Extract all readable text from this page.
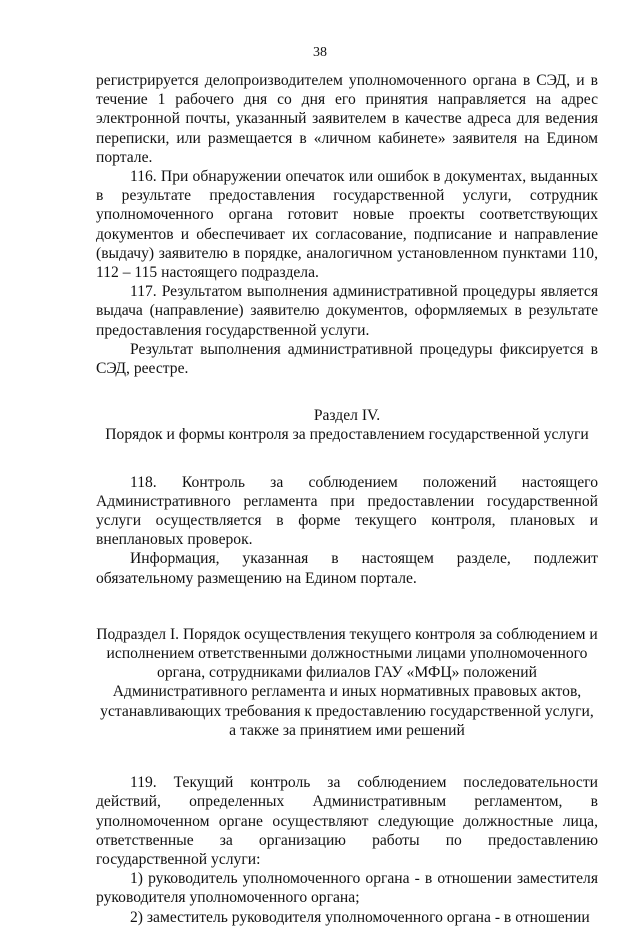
38

регистрируется делопроизводителем уполномоченного органа в СЭД, и в течение 1 рабочего дня со дня его принятия направляется на адрес электронной почты, указанный заявителем в качестве адреса для ведения переписки, или размещается в «личном кабинете» заявителя на Едином портале.

116. При обнаружении опечаток или ошибок в документах, выданных в результате предоставления государственной услуги, сотрудник уполномоченного органа готовит новые проекты соответствующих документов и обеспечивает их согласование, подписание и направление (выдачу) заявителю в порядке, аналогичном установленном пунктами 110, 112 – 115 настоящего подраздела.

117. Результатом выполнения административной процедуры является выдача (направление) заявителю документов, оформляемых в результате предоставления государственной услуги.

Результат выполнения административной процедуры фиксируется в СЭД, реестре.

Раздел IV.

Порядок и формы контроля за предоставлением государственной услуги

118. Контроль за соблюдением положений настоящего Административного регламента при предоставлении государственной услуги осуществляется в форме текущего контроля, плановых и внеплановых проверок.

Информация, указанная в настоящем разделе, подлежит обязательному размещению на Едином портале.

Подраздел I. Порядок осуществления текущего контроля за соблюдением и исполнением ответственными должностными лицами уполномоченного органа, сотрудниками филиалов ГАУ «МФЦ» положений Административного регламента и иных нормативных правовых актов, устанавливающих требования к предоставлению государственной услуги, а также за принятием ими решений

119. Текущий контроль за соблюдением последовательности действий, определенных Административным регламентом, в уполномоченном органе осуществляют следующие должностные лица, ответственные за организацию работы по предоставлению государственной услуги:

1) руководитель уполномоченного органа - в отношении заместителя руководителя уполномоченного органа;

2) заместитель руководителя уполномоченного органа - в отношении
